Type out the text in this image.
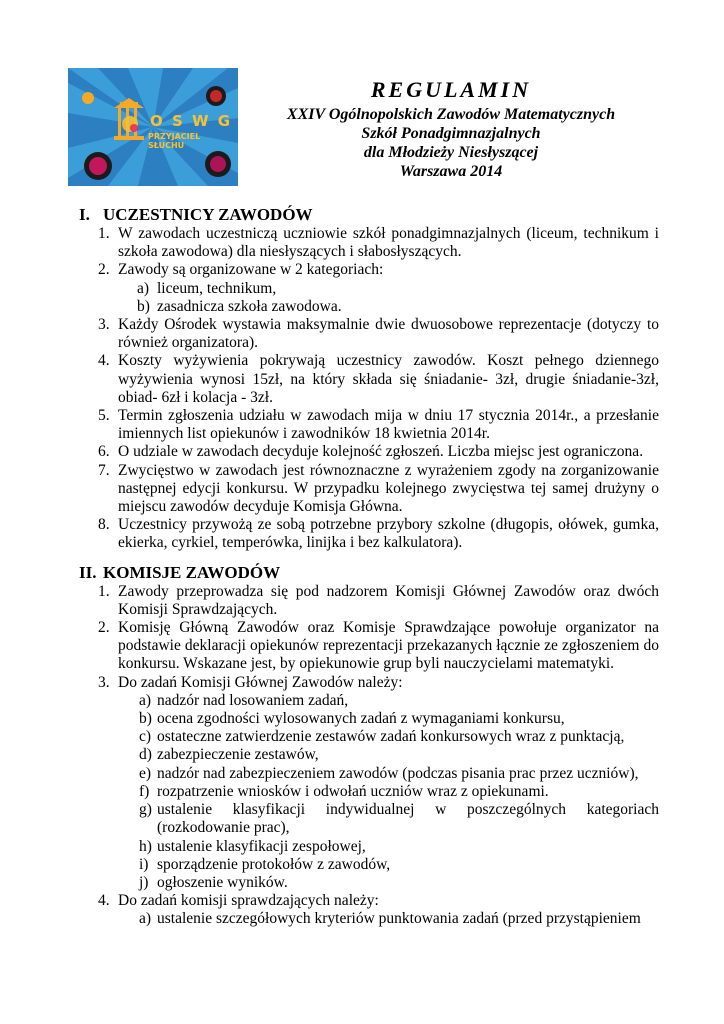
O S W G
PRZYJACIEL SŁUCHU
REGULAMIN
XXIV Ogólnopolskich Zawodów Matematycznych
Szkół Ponadgimnazjalnych
dla Młodzieży Niesłyszącej
Warszawa 2014
I. UCZESTNICY ZAWODÓW
1. W zawodach uczestniczą uczniowie szkół ponadgimnazjalnych (liceum, technikum i szkoła zawodowa) dla niesłyszących i słabosłyszących.
2. Zawody są organizowane w 2 kategoriach:
a) liceum, technikum,
b) zasadnicza szkoła zawodowa.
3. Każdy Ośrodek wystawia maksymalnie dwie dwuosobowe reprezentacje (dotyczy to również organizatora).
4. Koszty wyżywienia pokrywają uczestnicy zawodów. Koszt pełnego dziennego wyżywienia wynosi 15zł, na który składa się śniadanie- 3zł, drugie śniadanie-3zł, obiad- 6zł i kolacja - 3zł.
5. Termin zgłoszenia udziału w zawodach mija w dniu 17 stycznia 2014r., a przesłanie imiennych list opiekunów i zawodników 18 kwietnia 2014r.
6. O udziale w zawodach decyduje kolejność zgłoszeń. Liczba miejsc jest ograniczona.
7. Zwycięstwo w zawodach jest równoznaczne z wyrażeniem zgody na zorganizowanie następnej edycji konkursu. W przypadku kolejnego zwycięstwa tej samej drużyny o miejscu zawodów decyduje Komisja Główna.
8. Uczestnicy przywożą ze sobą potrzebne przybory szkolne (długopis, ołówek, gumka, ekierka, cyrkiel, temperówka, linijka i bez kalkulatora).
II. KOMISJE ZAWODÓW
1. Zawody przeprowadza się pod nadzorem Komisji Głównej Zawodów oraz dwóch Komisji Sprawdzających.
2. Komisję Główną Zawodów oraz Komisje Sprawdzające powołuje organizator na podstawie deklaracji opiekunów reprezentacji przekazanych łącznie ze zgłoszeniem do konkursu. Wskazane jest, by opiekunowie grup byli nauczycielami matematyki.
3. Do zadań Komisji Głównej Zawodów należy:
a) nadzór nad losowaniem zadań,
b) ocena zgodności wylosowanych zadań z wymaganiami konkursu,
c) ostateczne zatwierdzenie zestawów zadań konkursowych wraz z punktacją,
d) zabezpieczenie zestawów,
e) nadzór nad zabezpieczeniem zawodów (podczas pisania prac przez uczniów),
f) rozpatrzenie wniosków i odwołań uczniów wraz z opiekunami.
g) ustalenie klasyfikacji indywidualnej w poszczególnych kategoriach (rozkodowanie prac),
h) ustalenie klasyfikacji zespołowej,
i) sporządzenie protokołów z zawodów,
j) ogłoszenie wyników.
4. Do zadań komisji sprawdzających należy:
a) ustalenie szczegółowych kryteriów punktowania zadań (przed przystąpieniem
